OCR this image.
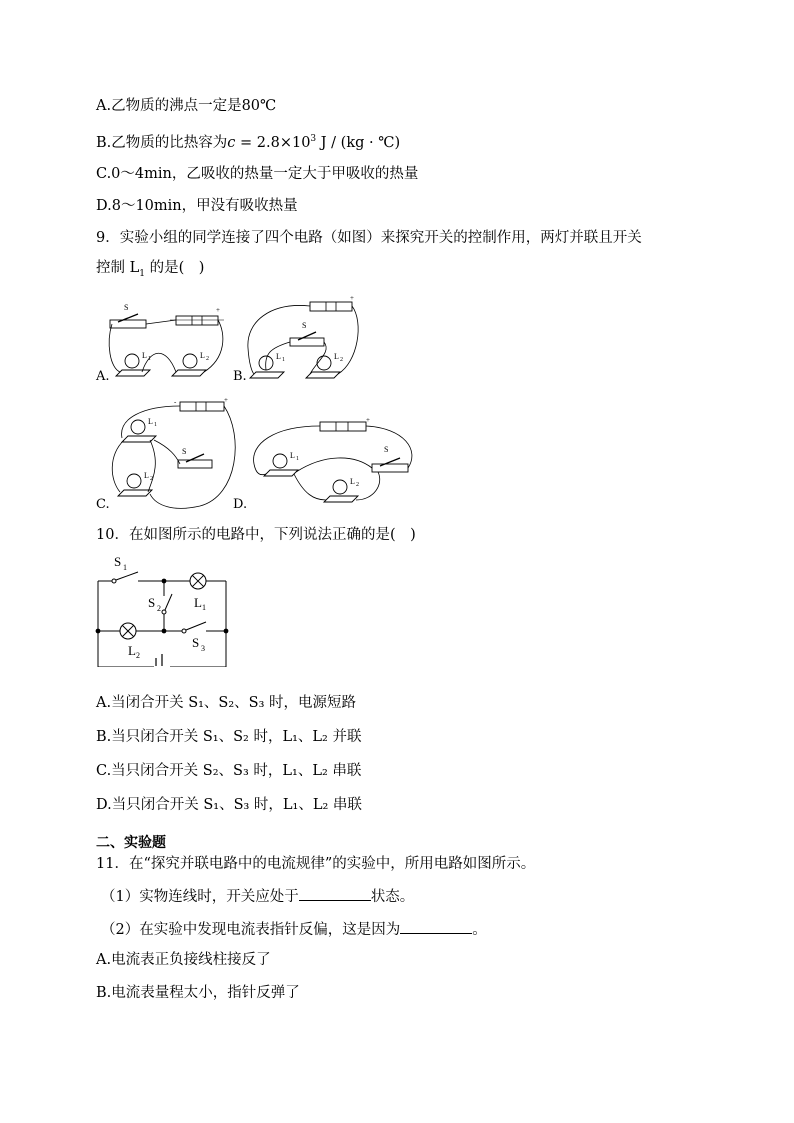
A.乙物质的沸点一定是80℃
B.乙物质的比热容为$c = 2.8\times 10^3$ J / (kg · ℃)
C.0～4min，乙吸收的热量一定大于甲吸收的热量
D.8～10min，甲没有吸收热量
9．实验小组的同学连接了四个电路（如图）来探究开关的控制作用，两灯并联且开关
控制 $L_1$ 的是(　)
A.
+
S
L 1	L 2
B.
+
S
L 1	L 2
C.
-	+
L 1
L 2
S
D.
+
L 1
L 2
S
10．在如图所示的电路中，下列说法正确的是(　)
S 1
L 1
S 2
L 2
S 3
A.当闭合开关 S₁、S₂、S₃ 时，电源短路
B.当只闭合开关 S₁、S₂ 时，L₁、L₂ 并联
C.当只闭合开关 S₂、S₃ 时，L₁、L₂ 串联
D.当只闭合开关 S₁、S₃ 时，L₁、L₂ 串联
二、实验题
11．在“探究并联电路中的电流规律”的实验中，所用电路如图所示。
（1）实物连线时，开关应处于	状态。
（2）在实验中发现电流表指针反偏，这是因为	。
A.电流表正负接线柱接反了
B.电流表量程太小，指针反弹了
